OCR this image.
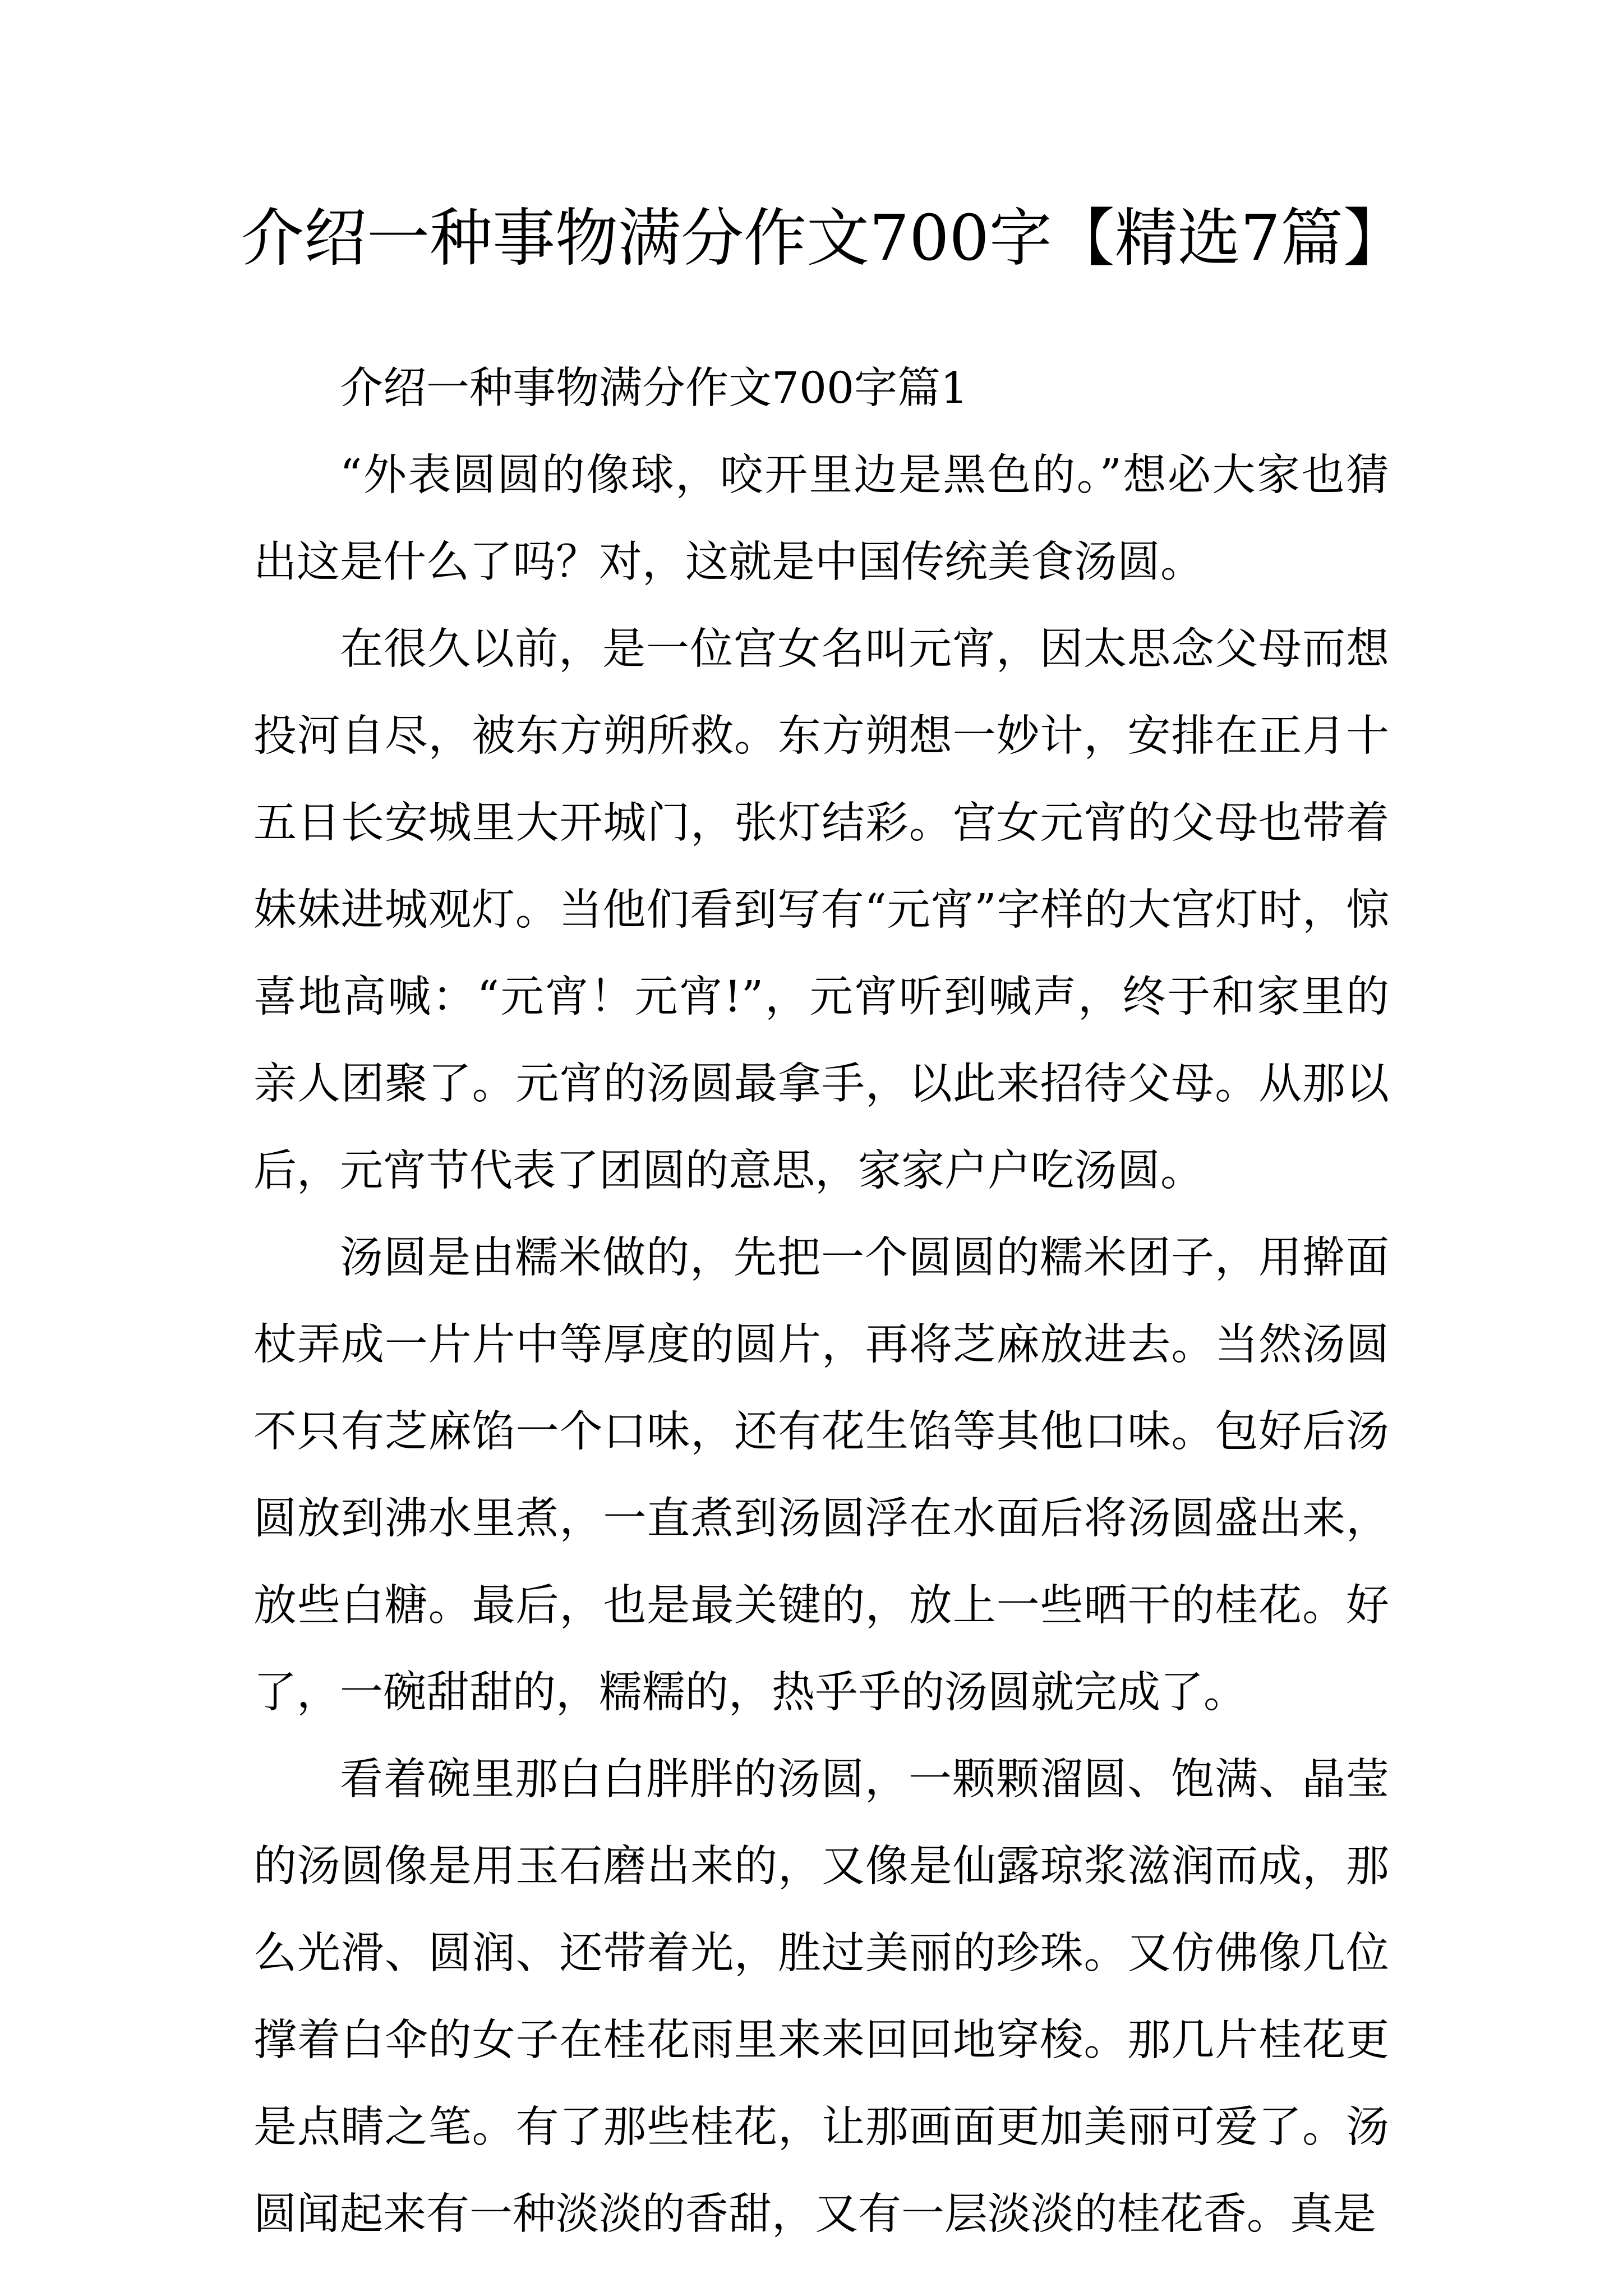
介绍一种事物满分作文700字【精选7篇】

介绍一种事物满分作文700字篇1

“外表圆圆的像球，咬开里边是黑色的。”想必大家也猜出这是什么了吗？对，这就是中国传统美食汤圆。

在很久以前，是一位宫女名叫元宵，因太思念父母而想投河自尽，被东方朔所救。东方朔想一妙计，安排在正月十五日长安城里大开城门，张灯结彩。宫女元宵的父母也带着妹妹进城观灯。当他们看到写有“元宵”字样的大宫灯时，惊喜地高喊：“元宵！元宵!”，元宵听到喊声，终于和家里的亲人团聚了。元宵的汤圆最拿手，以此来招待父母。从那以后，元宵节代表了团圆的意思，家家户户吃汤圆。

汤圆是由糯米做的，先把一个圆圆的糯米团子，用擀面杖弄成一片片中等厚度的圆片，再将芝麻放进去。当然汤圆不只有芝麻馅一个口味，还有花生馅等其他口味。包好后汤圆放到沸水里煮，一直煮到汤圆浮在水面后将汤圆盛出来，放些白糖。最后，也是最关键的，放上一些晒干的桂花。好了，一碗甜甜的，糯糯的，热乎乎的汤圆就完成了。

看着碗里那白白胖胖的汤圆，一颗颗溜圆、饱满、晶莹的汤圆像是用玉石磨出来的，又像是仙露琼浆滋润而成，那么光滑、圆润、还带着光，胜过美丽的珍珠。又仿佛像几位撑着白伞的女子在桂花雨里来来回回地穿梭。那几片桂花更是点睛之笔。有了那些桂花，让那画面更加美丽可爱了。汤圆闻起来有一种淡淡的香甜，又有一层淡淡的桂花香。真是
